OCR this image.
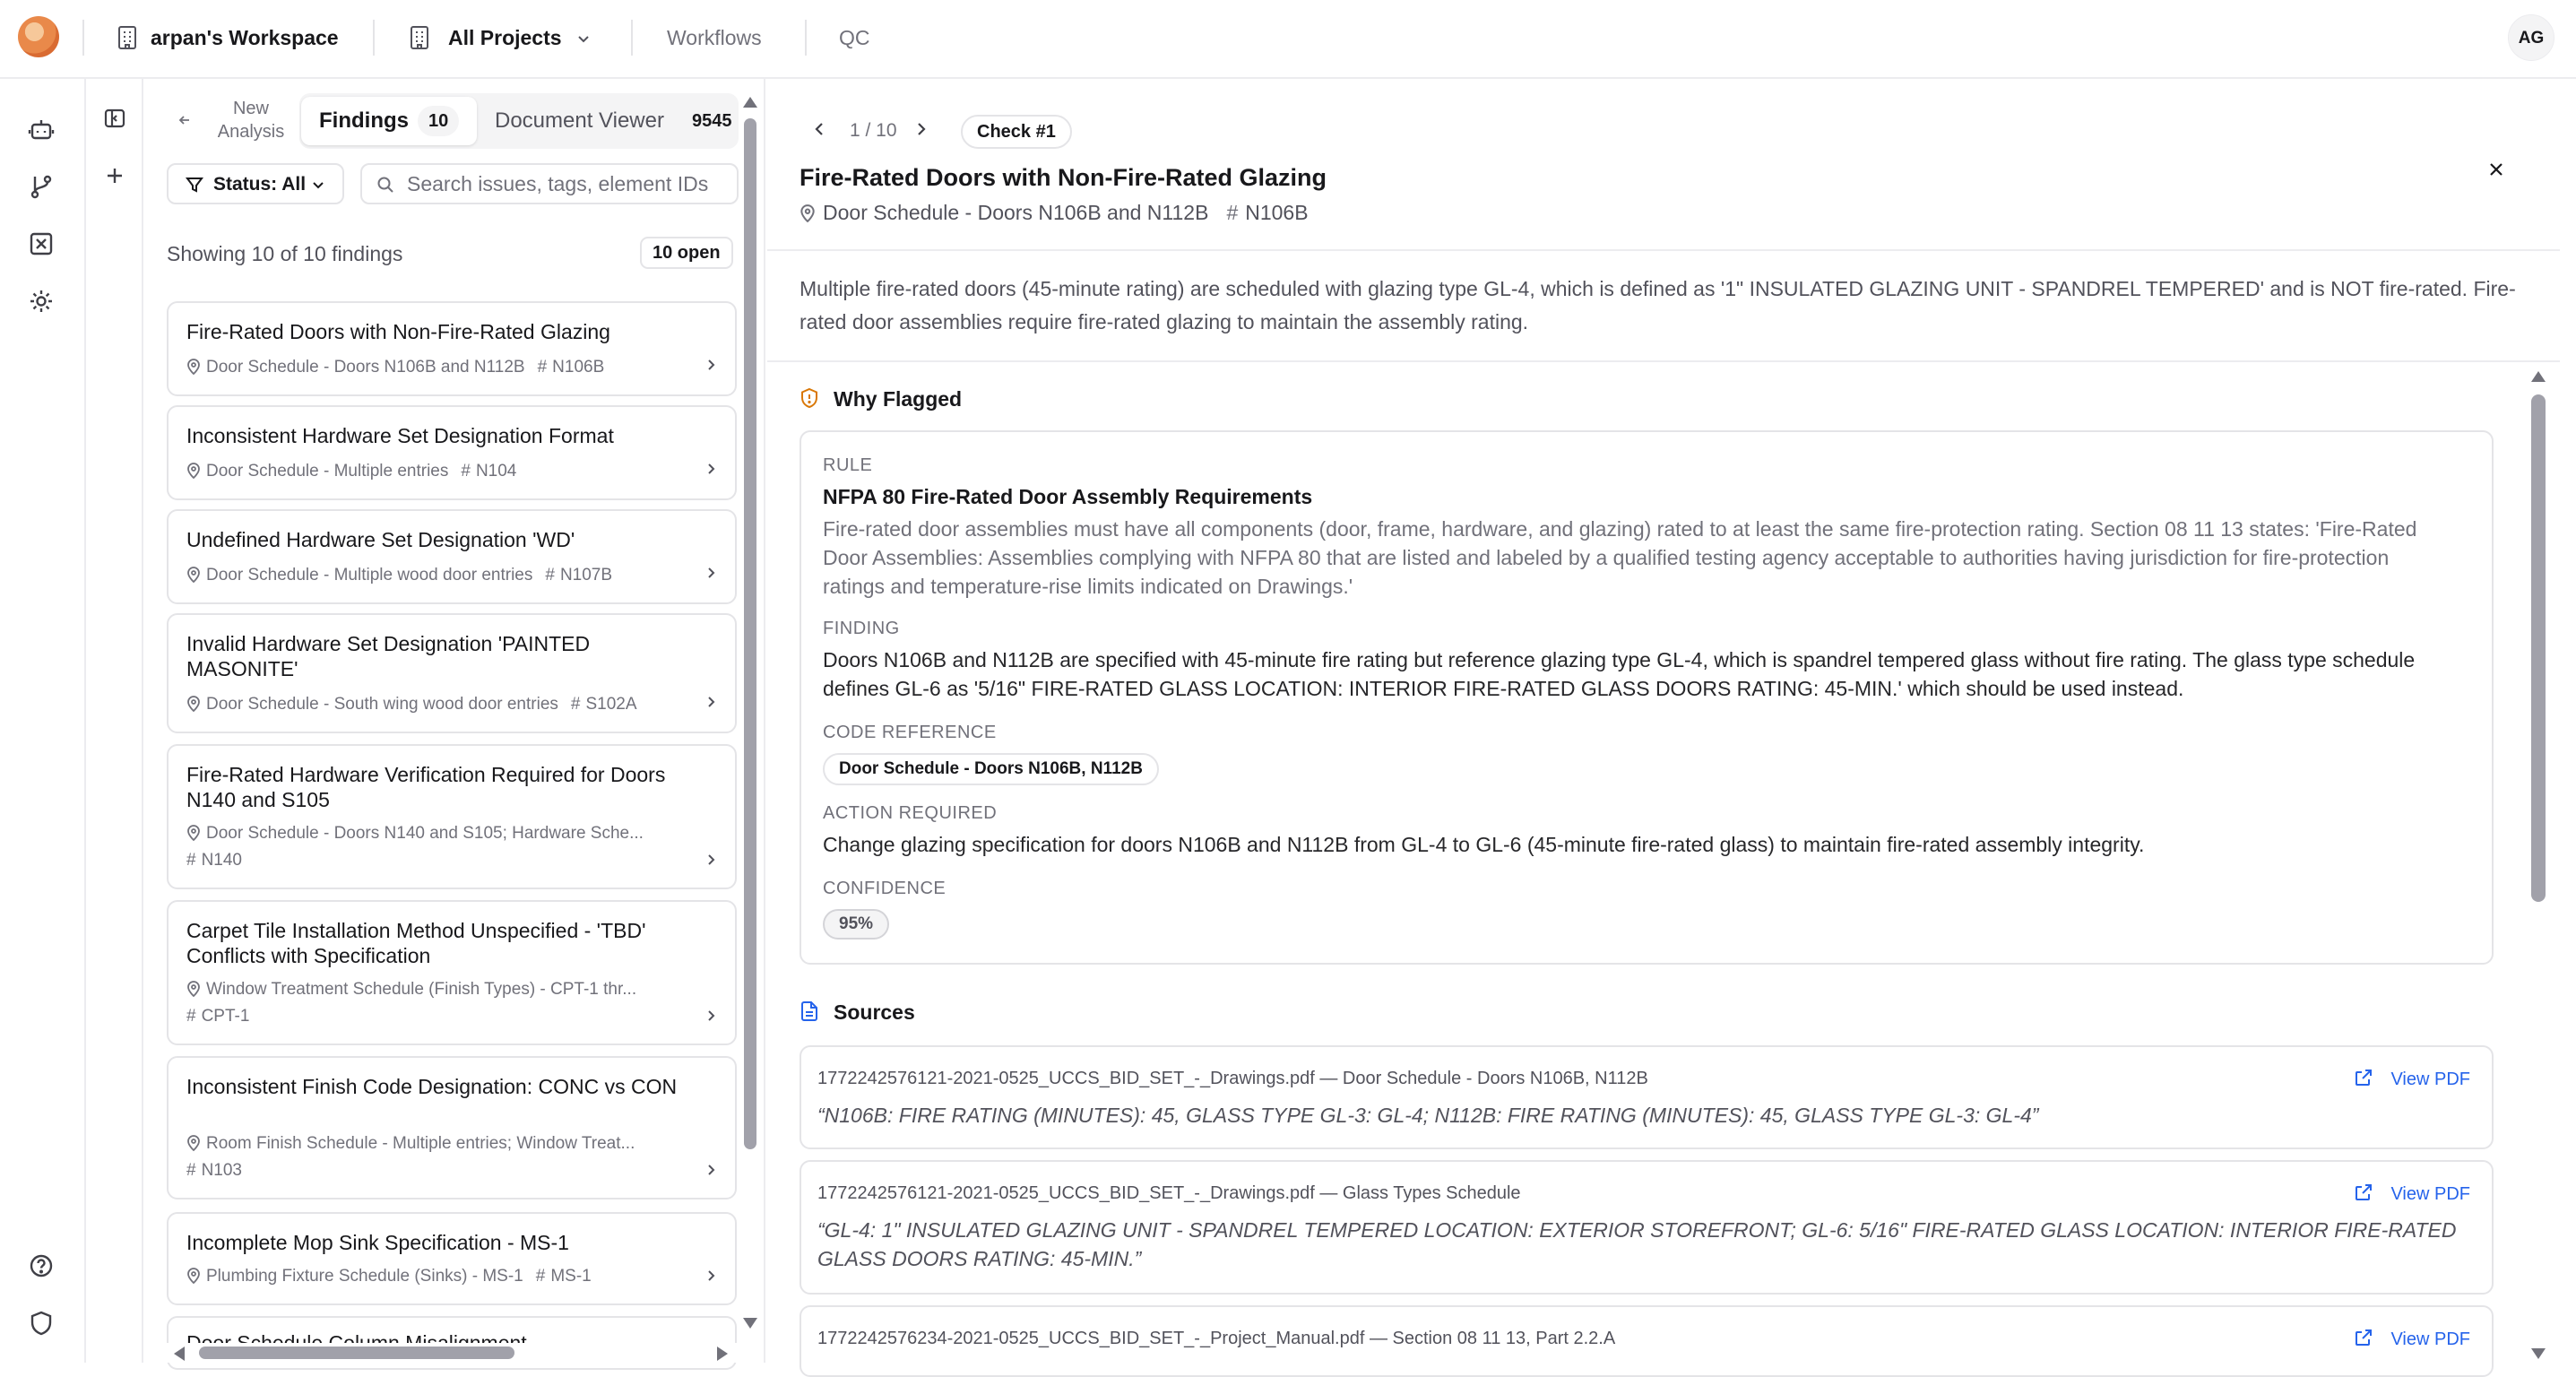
arpan's Workspace	All Projects	Workflows	QC	AG
New
Analysis	Findings	10	Document Viewer 9545
Status: All
Search issues, tags, element IDs
Showing 10 of 10 findings	10 open
Fire-Rated Doors with Non-Fire-Rated Glazing
Door Schedule - Doors N106B and N112B # N106B
Inconsistent Hardware Set Designation Format
Door Schedule - Multiple entries # N104
Undefined Hardware Set Designation 'WD'
Door Schedule - Multiple wood door entries # N107B
Invalid Hardware Set Designation 'PAINTED MASONITE'
Door Schedule - South wing wood door entries # S102A
Fire-Rated Hardware Verification Required for Doors N140 and S105
Door Schedule - Doors N140 and S105; Hardware Sche...
# N140
Carpet Tile Installation Method Unspecified - 'TBD' Conflicts with Specification
Window Treatment Schedule (Finish Types) - CPT-1 thr...
# CPT-1
Inconsistent Finish Code Designation: CONC vs CON
Room Finish Schedule - Multiple entries; Window Treat...
# N103
Incomplete Mop Sink Specification - MS-1
Plumbing Fixture Schedule (Sinks) - MS-1 # MS-1
1 / 10	Check #1
Fire-Rated Doors with Non-Fire-Rated Glazing
Door Schedule - Doors N106B and N112B # N106B

Multiple fire-rated doors (45-minute rating) are scheduled with glazing type GL-4, which is defined as '1" INSULATED GLAZING UNIT - SPANDREL TEMPERED' and is NOT fire-rated. Fire-rated door assemblies require fire-rated glazing to maintain the assembly rating.

Why Flagged
RULE
NFPA 80 Fire-Rated Door Assembly Requirements

Fire-rated door assemblies must have all components (door, frame, hardware, and glazing) rated to at least the same fire-protection rating. Section 08 11 13 states: 'Fire-Rated Door Assemblies: Assemblies complying with NFPA 80 that are listed and labeled by a qualified testing agency acceptable to authorities having jurisdiction for fire-protection ratings and temperature-rise limits indicated on Drawings.'

FINDING

Doors N106B and N112B are specified with 45-minute fire rating but reference glazing type GL-4, which is spandrel tempered glass without fire rating. The glass type schedule defines GL-6 as '5/16" FIRE-RATED GLASS LOCATION: INTERIOR FIRE-RATED GLASS DOORS RATING: 45-MIN.' which should be used instead.

CODE REFERENCE
Door Schedule - Doors N106B, N112B
ACTION REQUIRED

Change glazing specification for doors N106B and N112B from GL-4 to GL-6 (45-minute fire-rated glass) to maintain fire-rated assembly integrity.

CONFIDENCE
95%
Sources
1772242576121-2021-0525_UCCS_BID_SET_-_Drawings.pdf — Door Schedule - Doors N106B, N112B	View PDF

“N106B: FIRE RATING (MINUTES): 45, GLASS TYPE GL-3: GL-4; N112B: FIRE RATING (MINUTES): 45, GLASS TYPE GL-3: GL-4”

1772242576121-2021-0525_UCCS_BID_SET_-_Drawings.pdf — Glass Types Schedule	View PDF

“GL-4: 1" INSULATED GLAZING UNIT - SPANDREL TEMPERED LOCATION: EXTERIOR STOREFRONT; GL-6: 5/16" FIRE-RATED GLASS LOCATION: INTERIOR FIRE-RATED GLASS DOORS RATING: 45-MIN.”

1772242576234-2021-0525_UCCS_BID_SET_-_Project_Manual.pdf — Section 08 11 13, Part 2.2.A	View PDF
